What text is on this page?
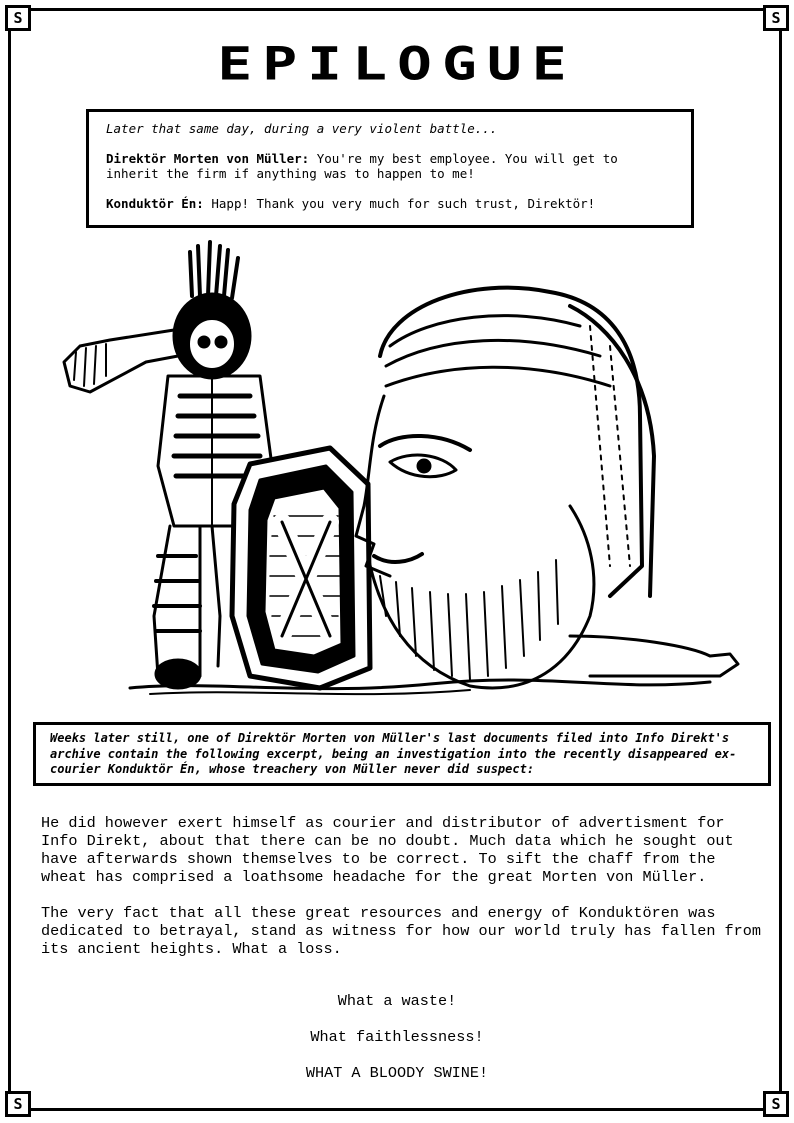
S	S
S	S
EPILOGUE

Later that same day, during a very violent battle...

Direktör Morten von Müller: You're my best employee. You will get to inherit the firm if anything was to happen to me!

Konduktör Én: Happ! Thank you very much for such trust, Direktör!

Weeks later still, one of Direktör Morten von Müller's last documents filed into Info Direkt's archive contain the following excerpt, being an investigation into the recently disappeared ex-courier Konduktör Én, whose treachery von Müller never did suspect:

He did however exert himself as courier and distributor of advertisment for Info Direkt, about that there can be no doubt. Much data which he sought out have afterwards shown themselves to be correct. To sift the chaff from the wheat has comprised a loathsome headache for the great Morten von Müller.

The very fact that all these great resources and energy of Konduktören was dedicated to betrayal, stand as witness for how our world truly has fallen from its ancient heights. What a loss.

What a waste!
What faithlessness!
WHAT A BLOODY SWINE!
